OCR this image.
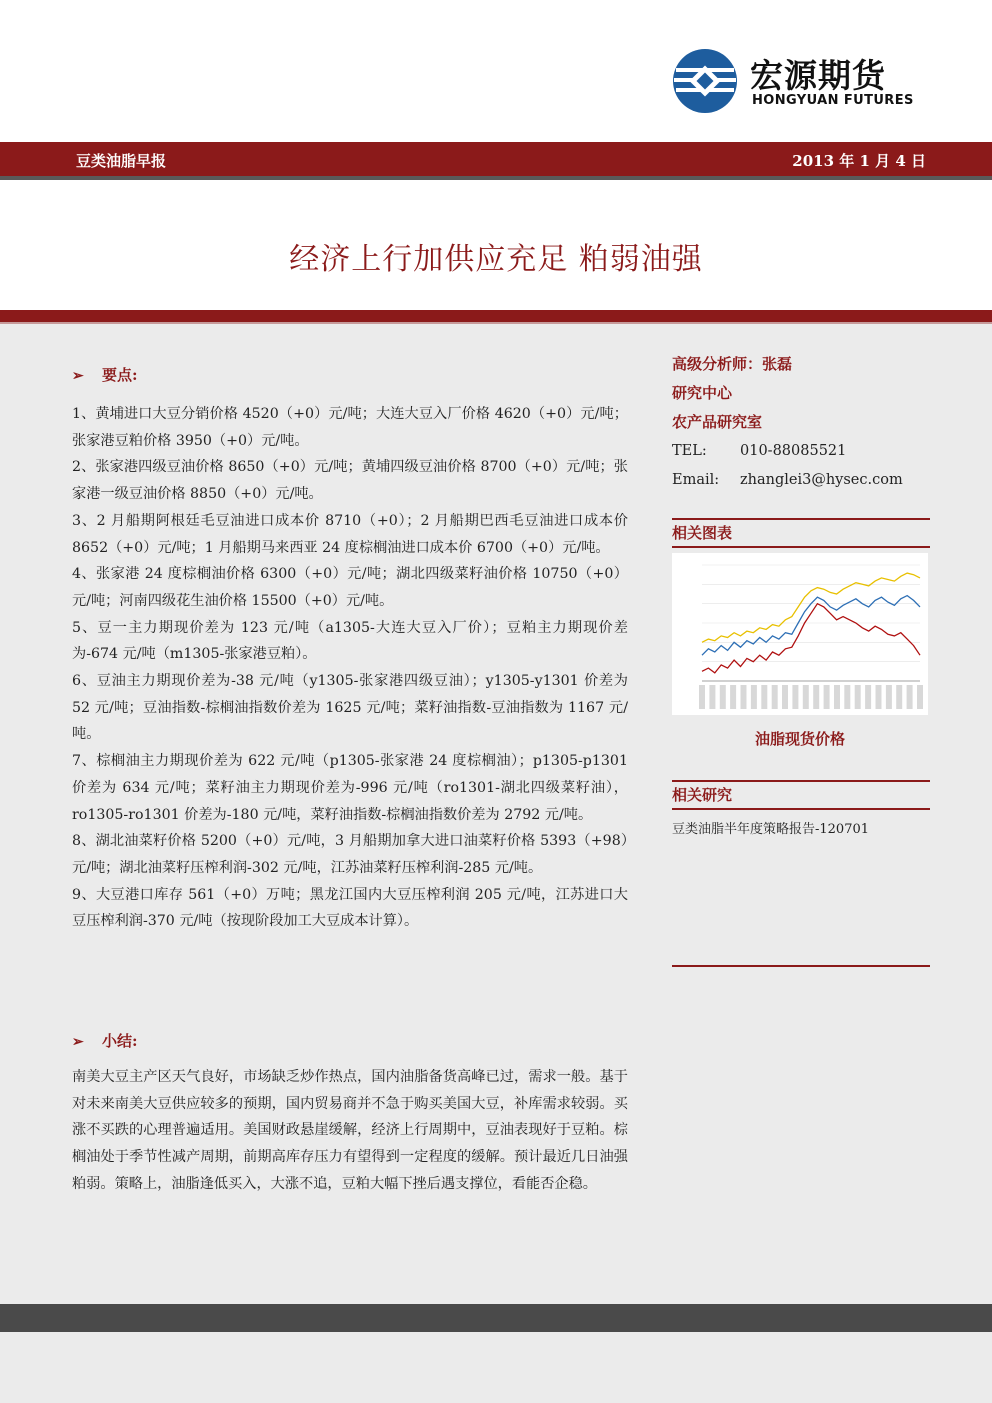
宏源期货
HONGYUAN FUTURES
豆类油脂早报	2013 年 1 月 4 日
经济上行加供应充足 粕弱油强
➢ 要点:

1、黄埔进口大豆分销价格 4520（+0）元/吨；大连大豆入厂价格 4620（+0）元/吨；张家港豆粕价格 3950（+0）元/吨。

2、张家港四级豆油价格 8650（+0）元/吨；黄埔四级豆油价格 8700（+0）元/吨；张家港一级豆油价格 8850（+0）元/吨。

3、2 月船期阿根廷毛豆油进口成本价 8710（+0）；2 月船期巴西毛豆油进口成本价 8652（+0）元/吨；1 月船期马来西亚 24 度棕榈油进口成本价 6700（+0）元/吨。

4、张家港 24 度棕榈油价格 6300（+0）元/吨；湖北四级菜籽油价格 10750（+0）元/吨；河南四级花生油价格 15500（+0）元/吨。

5、豆一主力期现价差为 123 元/吨（a1305-大连大豆入厂价）；豆粕主力期现价差为-674 元/吨（m1305-张家港豆粕）。

6、豆油主力期现价差为-38 元/吨（y1305-张家港四级豆油）；y1305-y1301 价差为 52 元/吨；豆油指数-棕榈油指数价差为 1625 元/吨；菜籽油指数-豆油指数为 1167 元/吨。

7、棕榈油主力期现价差为 622 元/吨（p1305-张家港 24 度棕榈油）；p1305-p1301 价差为 634 元/吨；菜籽油主力期现价差为-996 元/吨（ro1301-湖北四级菜籽油），ro1305-ro1301 价差为-180 元/吨，菜籽油指数-棕榈油指数价差为 2792 元/吨。

8、湖北油菜籽价格 5200（+0）元/吨，3 月船期加拿大进口油菜籽价格 5393（+98）元/吨；湖北油菜籽压榨利润-302 元/吨，江苏油菜籽压榨利润-285 元/吨。

9、大豆港口库存 561（+0）万吨；黑龙江国内大豆压榨利润 205 元/吨，江苏进口大豆压榨利润-370 元/吨（按现阶段加工大豆成本计算）。

➢ 小结:

南美大豆主产区天气良好，市场缺乏炒作热点，国内油脂备货高峰已过，需求一般。基于对未来南美大豆供应较多的预期，国内贸易商并不急于购买美国大豆，补库需求较弱。买涨不买跌的心理普遍适用。美国财政悬崖缓解，经济上行周期中，豆油表现好于豆粕。棕榈油处于季节性减产周期，前期高库存压力有望得到一定程度的缓解。预计最近几日油强粕弱。策略上，油脂逢低买入，大涨不追，豆粕大幅下挫后遇支撑位，看能否企稳。

高级分析师：张磊
研究中心
农产品研究室
TEL: 010-88085521
Email: zhanglei3@hysec.com
相关图表
油脂现货价格
相关研究
豆类油脂半年度策略报告-120701
